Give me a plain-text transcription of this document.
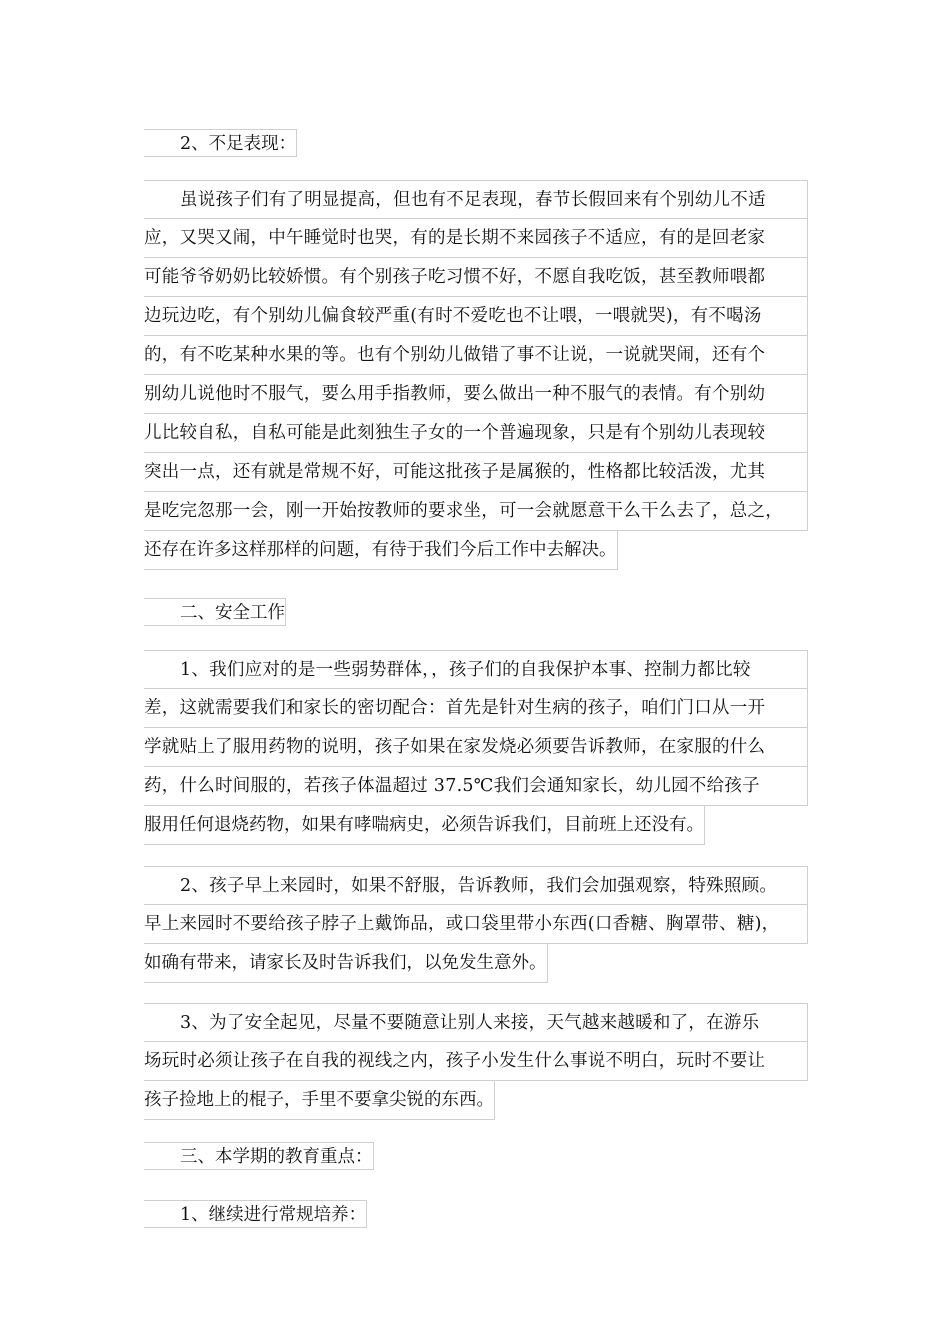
2、不足表现：
虽说孩子们有了明显提高，但也有不足表现，春节长假回来有个别幼儿不适
应，又哭又闹，中午睡觉时也哭，有的是长期不来园孩子不适应，有的是回老家
可能爷爷奶奶比较娇惯。有个别孩子吃习惯不好，不愿自我吃饭，甚至教师喂都
边玩边吃，有个别幼儿偏食较严重(有时不爱吃也不让喂，一喂就哭)，有不喝汤
的，有不吃某种水果的等。也有个别幼儿做错了事不让说，一说就哭闹，还有个
别幼儿说他时不服气，要么用手指教师，要么做出一种不服气的表情。有个别幼
儿比较自私，自私可能是此刻独生子女的一个普遍现象，只是有个别幼儿表现较
突出一点，还有就是常规不好，可能这批孩子是属猴的，性格都比较活泼，尤其
是吃完忽那一会，刚一开始按教师的要求坐，可一会就愿意干么干么去了，总之，
还存在许多这样那样的问题，有待于我们今后工作中去解决。
二、安全工作
1、我们应对的是一些弱势群体，，孩子们的自我保护本事、控制力都比较
差，这就需要我们和家长的密切配合：首先是针对生病的孩子，咱们门口从一开
学就贴上了服用药物的说明，孩子如果在家发烧必须要告诉教师，在家服的什么
药，什么时间服的，若孩子体温超过 37.5℃我们会通知家长，幼儿园不给孩子
服用任何退烧药物，如果有哮喘病史，必须告诉我们，目前班上还没有。
2、孩子早上来园时，如果不舒服，告诉教师，我们会加强观察，特殊照顾。
早上来园时不要给孩子脖子上戴饰品，或口袋里带小东西(口香糖、胸罩带、糖)，
如确有带来，请家长及时告诉我们，以免发生意外。
3、为了安全起见，尽量不要随意让别人来接，天气越来越暖和了，在游乐
场玩时必须让孩子在自我的视线之内，孩子小发生什么事说不明白，玩时不要让
孩子捡地上的棍子，手里不要拿尖锐的东西。
三、本学期的教育重点：
1、继续进行常规培养：
